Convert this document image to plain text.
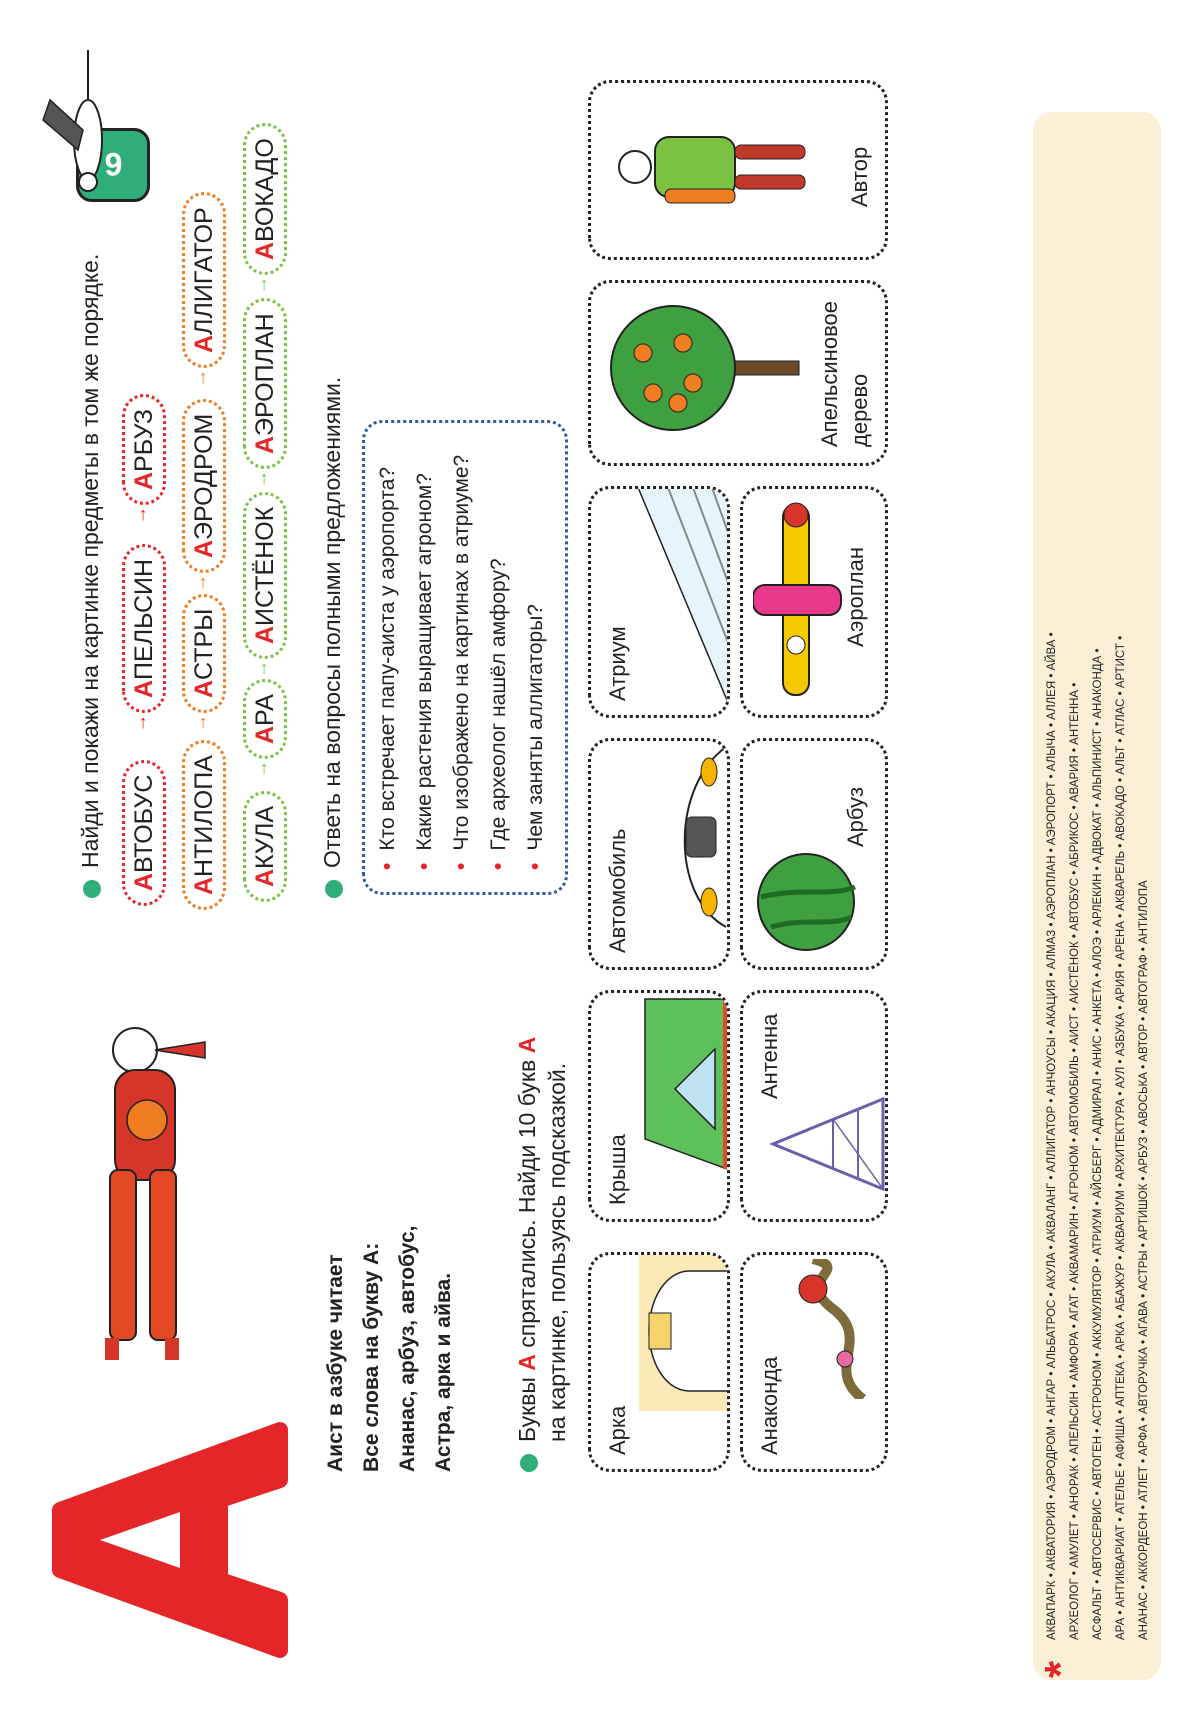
Аист в азбуке читает Все слова на букву А: Ананас, арбуз, автобус, Астра, арка и айва.
9
Найди и покажи на картинке предметы в том же порядке.
А
ВТОБУС
→
А
ПЕЛЬСИН
→
А
РБУЗ
А
НТИЛОПА
→
А
СТРЫ
→
А
ЭРОДРОМ
→
А
ЛЛИГАТОР
А
КУЛА
→
А
РА
→
А
ИСТЁНОК
→
А
ЭРОПЛАН
→
А
ВОКАДО
Ответь на вопросы полными предложениями. •Кто встречает папу-аиста у аэропорта?
•Какие растения выращивает агроном?
•Что изображено на картинах в атриуме?
•Где археолог нашёл амфору?
•Чем заняты аллигаторы?
Буквы А спрятались. Найди 10 букв А
на картинке, пользуясь подсказкой. Арка	Анаконда
Крыша
Антенна
Автомобиль
Арбуз
Атриум
Аэроплан
Апельсиновое дерево
Автор
*
АКВАПАРК • АКВАТОРИЯ • АЭРОДРОМ • АНГАР • АЛЬБАТРОС • АКУЛА • АКВАЛАНГ • АЛЛИГАТОР • АНЧОУСЫ • АКАЦИЯ • АЛМАЗ • АЭРОПЛАН • АЭРОПОРТ • АЛЫЧА • АЛЛЕЯ • АЙВА • АРХЕОЛОГ • АМУЛЕТ • АНОРАК • АПЕЛЬСИН • АМФОРА • АГАТ • АКВАМАРИН • АГРОНОМ • АВТОМОБИЛЬ • АИСТ • АИСТЁНОК • АВТОБУС • АБРИКОС • АВАРИЯ • АНТЕННА • АСФАЛЬТ • АВТОСЕРВИС • АВТОГЕН • АСТРОНОМ • АККУМУЛЯТОР • АТРИУМ • АЙСБЕРГ • АДМИРАЛ • АНИС • АНКЕТА • АЛОЭ • АРЛЕКИН • АДВОКАТ • АЛЬПИНИСТ • АНАКОНДА • АРА • АНТИКВАРИАТ • АТЕЛЬЕ • АФИША • АПТЕКА • АРКА • АБАЖУР • АКВАРИУМ • АРХИТЕКТУРА • АУЛ • АЗБУКА • АРИЯ • АРЕНА • АКВАРЕЛЬ • АВОКАДО • АЛЬТ • АТЛАС • АРТИСТ • АНАНАС • АККОРДЕОН • АТЛЕТ • АРФА • АВТОРУЧКА • АГАВА • АСТРЫ • АРТИШОК • АРБУЗ • АВОСЬКА • АВТОР • АВТОГРАФ • АНТИЛОПА
